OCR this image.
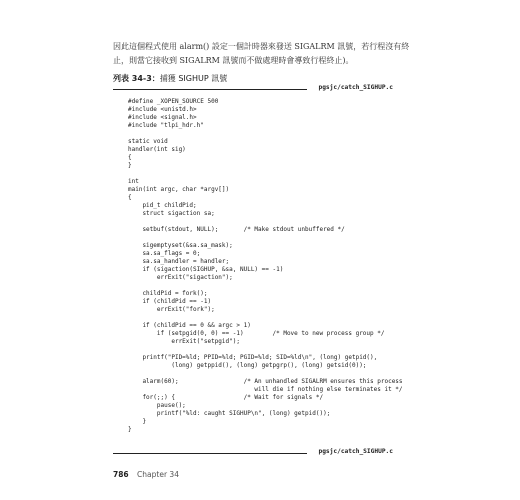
因此這個程式使用 alarm() 設定一個計時器來發送 SIGALRM 訊號，若行程沒有終
止，則當它接收到 SIGALRM 訊號而不做處理時會導致行程終止)。
列表 34-3：捕獲 SIGHUP 訊號
pgsjc/catch_SIGHUP.c
#define _XOPEN_SOURCE 500
#include <unistd.h>
#include <signal.h>
#include "tlpi_hdr.h"
static void
handler(int sig)
{
}
int
main(int argc, char *argv[])
{
pid_t childPid;
struct sigaction sa;
setbuf(stdout, NULL);       /* Make stdout unbuffered */
sigemptyset(&sa.sa_mask);
sa.sa_flags = 0;
sa.sa_handler = handler;
if (sigaction(SIGHUP, &sa, NULL) == -1)
errExit("sigaction");
childPid = fork();
if (childPid == -1)
errExit("fork");
if (childPid == 0 && argc > 1)
if (setpgid(0, 0) == -1)        /* Move to new process group */
errExit("setpgid");
printf("PID=%ld; PPID=%ld; PGID=%ld; SID=%ld\n", (long) getpid(),
(long) getppid(), (long) getpgrp(), (long) getsid(0));
alarm(60);                  /* An unhandled SIGALRM ensures this process
will die if nothing else terminates it */
for(;;) {                   /* Wait for signals */
pause();
printf("%ld: caught SIGHUP\n", (long) getpid());
}
}
pgsjc/catch_SIGHUP.c
786 Chapter 34
